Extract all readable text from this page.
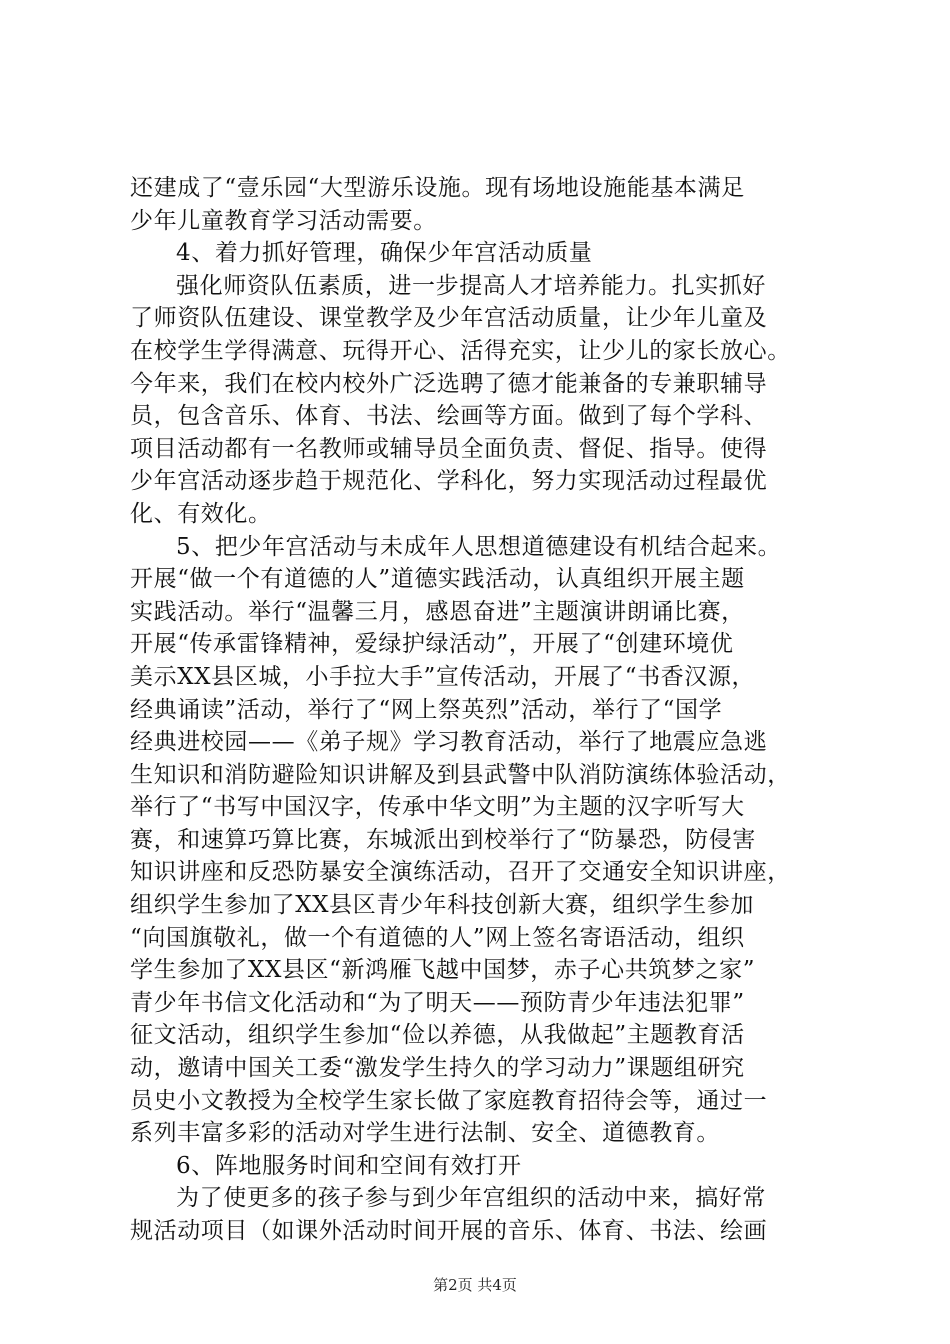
还建成了“壹乐园“大型游乐设施。现有场地设施能基本满足
少年儿童教育学习活动需要。
4、着力抓好管理，确保少年宫活动质量
强化师资队伍素质，进一步提高人才培养能力。扎实抓好
了师资队伍建设、课堂教学及少年宫活动质量，让少年儿童及
在校学生学得满意、玩得开心、活得充实，让少儿的家长放心。
今年来，我们在校内校外广泛选聘了德才能兼备的专兼职辅导
员，包含音乐、体育、书法、绘画等方面。做到了每个学科、
项目活动都有一名教师或辅导员全面负责、督促、指导。使得
少年宫活动逐步趋于规范化、学科化，努力实现活动过程最优
化、有效化。
5、把少年宫活动与未成年人思想道德建设有机结合起来。
开展“做一个有道德的人”道德实践活动，认真组织开展主题
实践活动。举行“温馨三月，感恩奋进”主题演讲朗诵比赛，
开展“传承雷锋精神，爱绿护绿活动”，开展了“创建环境优
美示XX县区城，小手拉大手”宣传活动，开展了“书香汉源，
经典诵读”活动，举行了“网上祭英烈”活动，举行了“国学
经典进校园——《弟子规》学习教育活动，举行了地震应急逃
生知识和消防避险知识讲解及到县武警中队消防演练体验活动，
举行了“书写中国汉字，传承中华文明”为主题的汉字听写大
赛，和速算巧算比赛，东城派出到校举行了“防暴恐，防侵害
知识讲座和反恐防暴安全演练活动，召开了交通安全知识讲座，
组织学生参加了XX县区青少年科技创新大赛，组织学生参加
“向国旗敬礼，做一个有道德的人”网上签名寄语活动，组织
学生参加了XX县区“新鸿雁飞越中国梦，赤子心共筑梦之家”
青少年书信文化活动和“为了明天——预防青少年违法犯罪”
征文活动，组织学生参加“俭以养德，从我做起”主题教育活
动，邀请中国关工委“激发学生持久的学习动力”课题组研究
员史小文教授为全校学生家长做了家庭教育招待会等，通过一
系列丰富多彩的活动对学生进行法制、安全、道德教育。
6、阵地服务时间和空间有效打开
为了使更多的孩子参与到少年宫组织的活动中来，搞好常
规活动项目（如课外活动时间开展的音乐、体育、书法、绘画
第2页 共4页
